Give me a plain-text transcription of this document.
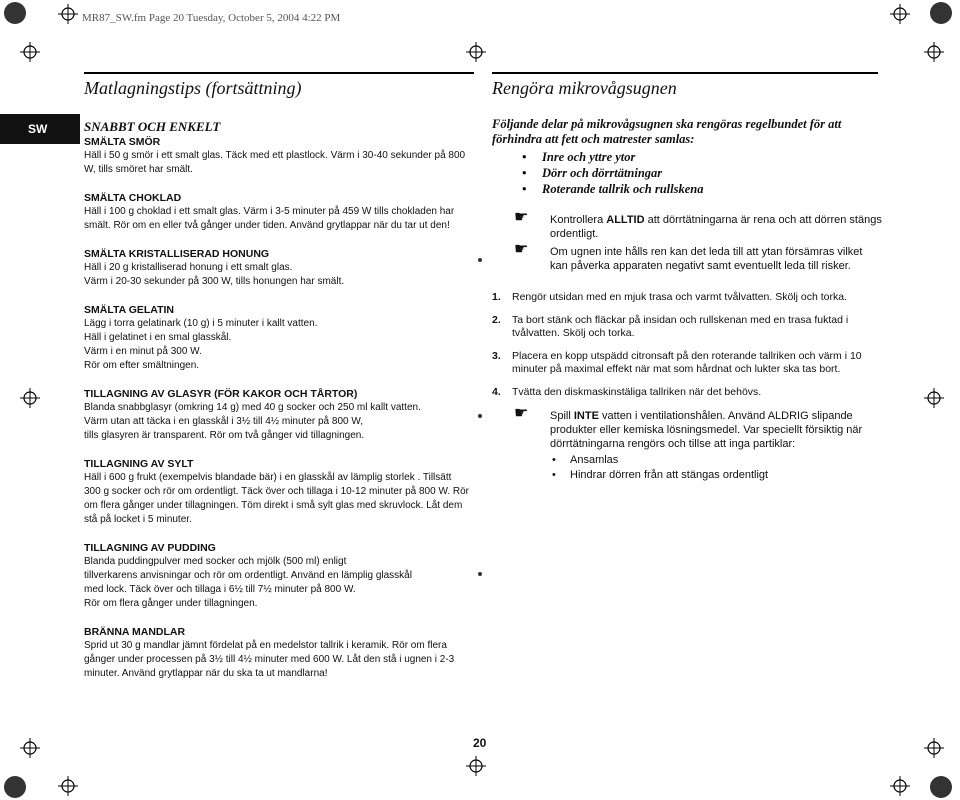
MR87_SW.fm Page 20 Tuesday, October 5, 2004 4:22 PM
SW
Matlagningstips (fortsättning)	Rengöra mikrovågsugnen
SNABBT OCH ENKELT
SMÄLTA SMÖR
Häll i 50 g smör i ett smalt glas. Täck med ett plastlock. Värm i 30-40 sekunder på 800
W, tills smöret har smält.
SMÄLTA CHOKLAD
Häll i 100 g choklad i ett smalt glas. Värm i 3-5 minuter på 459 W tills chokladen har
smält. Rör om en eller två gånger under tiden. Använd grytlappar när du tar ut den!
SMÄLTA KRISTALLISERAD HONUNG
Häll i 20 g kristalliserad honung i ett smalt glas.
Värm i 20-30 sekunder på 300 W, tills honungen har smält.
SMÄLTA GELATIN
Lägg i torra gelatinark (10 g) i 5 minuter i kallt vatten.
Häll i gelatinet i en smal glasskål.
Värm i en minut på 300 W.
Rör om efter smältningen.
TILLAGNING AV GLASYR (FÖR KAKOR OCH TÅRTOR)
Blanda snabbglasyr (omkring 14 g) med 40 g socker och 250 ml kallt vatten.
Värm utan att täcka i en glasskål i 3½ till 4½ minuter på 800 W,
tills glasyren är transparent. Rör om två gånger vid tillagningen.
TILLAGNING AV SYLT
Häll i 600 g frukt (exempelvis blandade bär) i en glasskål av lämplig storlek . Tillsätt
300 g socker och rör om ordentligt. Täck över och tillaga i 10-12 minuter på 800 W. Rör
om flera gånger under tillagningen. Töm direkt i små sylt glas med skruvlock. Låt dem
stå på locket i 5 minuter.
TILLAGNING AV PUDDING
Blanda puddingpulver med socker och mjölk (500 ml) enligt
tillverkarens anvisningar och rör om ordentligt. Använd en lämplig glasskål
med lock. Täck över och tillaga i 6½ till 7½ minuter på 800 W.
Rör om flera gånger under tillagningen.
BRÄNNA MANDLAR
Sprid ut 30 g mandlar jämnt fördelat på en medelstor tallrik i keramik. Rör om flera
gånger under processen på 3½ till 4½ minuter med 600 W. Låt den stå i ugnen i 2-3
minuter. Använd grytlappar när du ska ta ut mandlarna!
Följande delar på mikrovågsugnen ska rengöras regelbundet för att förhindra att fett och matrester samlas:
• Inre och yttre ytor
• Dörr och dörrtätningar
• Roterande tallrik och rullskena
☛ Kontrollera ALLTID att dörrtätningarna är rena och att dörren stängs ordentligt.
☛ Om ugnen inte hålls ren kan det leda till att ytan försämras vilket kan påverka apparaten negativt samt eventuellt leda till risker.
1. Rengör utsidan med en mjuk trasa och varmt tvålvatten. Skölj och torka.
2. Ta bort stänk och fläckar på insidan och rullskenan med en trasa fuktad i tvålvatten. Skölj och torka.
3. Placera en kopp utspädd citronsaft på den roterande tallriken och värm i 10 minuter på maximal effekt när mat som hårdnat och lukter ska tas bort.
4. Tvätta den diskmaskinstäliga tallriken när det behövs.
☛ Spill INTE vatten i ventilationshålen. Använd ALDRIG slipande produkter eller kemiska lösningsmedel. Var speciellt försiktig när dörrtätningarna rengörs och tillse att inga partiklar:
• Ansamlas
• Hindrar dörren från att stängas ordentligt
20
